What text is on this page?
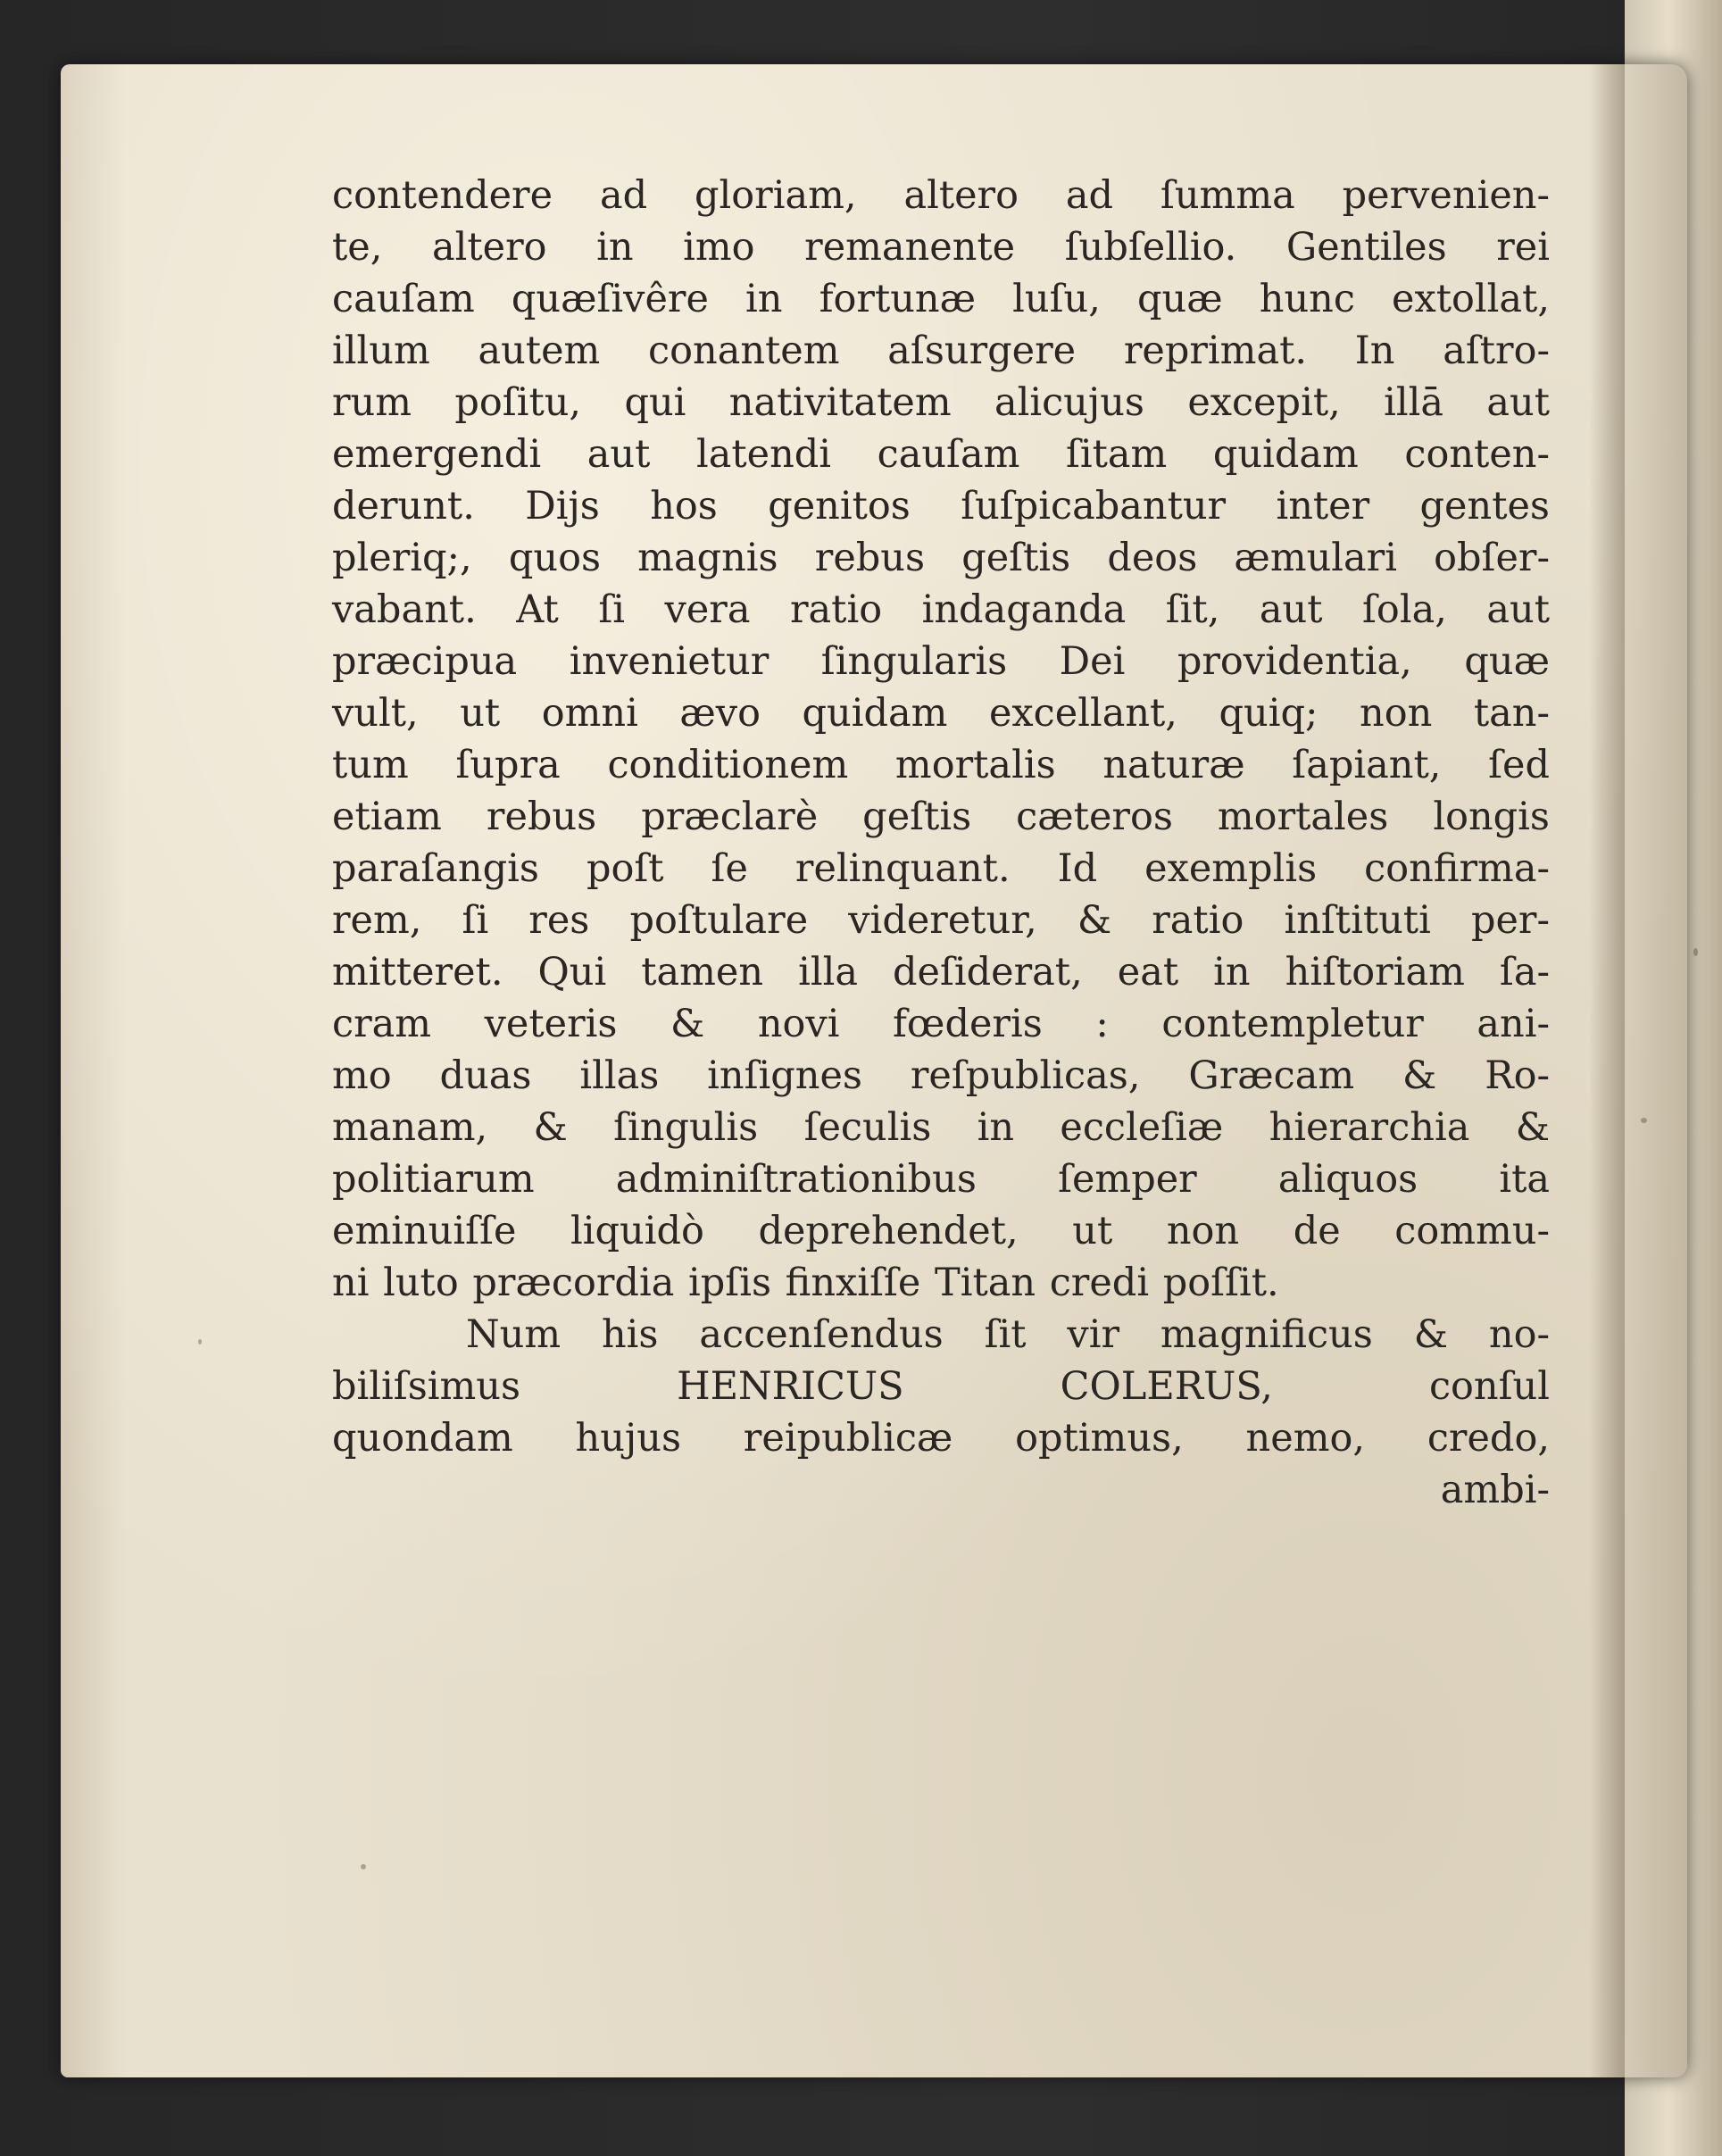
contendere ad gloriam, altero ad ſumma pervenien-
te, altero in imo remanente ſubſellio. Gentiles rei
cauſam quæſivêre in fortunæ luſu, quæ hunc extollat,
illum autem conantem aſsurgere reprimat. In aſtro-
rum poſitu, qui nativitatem alicujus excepit, illā aut
emergendi aut latendi cauſam ſitam quidam conten-
derunt. Dijs hos genitos ſuſpicabantur inter gentes
pleriq;, quos magnis rebus geſtis deos æmulari obſer-
vabant. At ſi vera ratio indaganda ſit, aut ſola, aut
præcipua invenietur ſingularis Dei providentia, quæ
vult, ut omni ævo quidam excellant, quiq; non tan-
tum ſupra conditionem mortalis naturæ ſapiant, ſed
etiam rebus præclarè geſtis cæteros mortales longis
paraſangis poſt ſe relinquant. Id exemplis confirma-
rem, ſi res poſtulare videretur, & ratio inſtituti per-
mitteret. Qui tamen illa deſiderat, eat in hiſtoriam ſa-
cram veteris & novi fœderis : contempletur ani-
mo duas illas inſignes reſpublicas, Græcam & Ro-
manam, & ſingulis ſeculis in eccleſiæ hierarchia &
politiarum adminiſtrationibus ſemper aliquos ita
eminuiſſe liquidò deprehendet, ut non de commu-
ni luto præcordia ipſis finxiſſe Titan credi poſſit.
Num his accenſendus ſit vir magnificus & no-
biliſsimus HENRICUS COLERUS, conſul
quondam hujus reipublicæ optimus, nemo, credo,
ambi-
